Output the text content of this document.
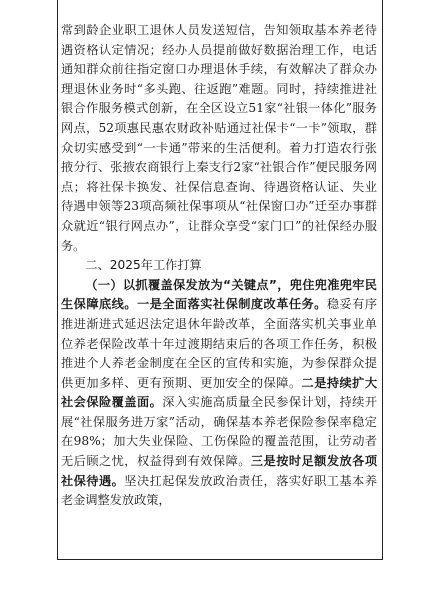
常到龄企业职工退休人员发送短信，告知领取基本养老待遇资格认定情况；经办人员提前做好数据治理工作，电话通知群众前往指定窗口办理退休手续，有效解决了群众办理退休业务时“多头跑、往返跑”难题。同时，持续推进社银合作服务模式创新，在全区设立51家“社银一体化”服务网点，52项惠民惠农财政补贴通过社保卡“一卡”领取，群众切实感受到“一卡通”带来的生活便利。着力打造农行张掖分行、张掖农商银行上秦支行2家“社银合作”便民服务网点；将社保卡换发、社保信息查询、待遇资格认证、失业待遇申领等23项高频社保事项从“社保窗口办”迁至办事群众就近“银行网点办”，让群众享受“家门口”的社保经办服务。

二、2025年工作打算

（一）以抓覆盖保发放为“关键点”，兜住兜准兜牢民生保障底线。一是全面落实社保制度改革任务。稳妥有序推进渐进式延迟法定退休年龄改革，全面落实机关事业单位养老保险改革十年过渡期结束后的各项工作任务，积极推进个人养老金制度在全区的宣传和实施，为参保群众提供更加多样、更有预期、更加安全的保障。二是持续扩大社会保险覆盖面。深入实施高质量全民参保计划，持续开展“社保服务进万家”活动，确保基本养老保险参保率稳定在98%；加大失业保险、工伤保险的覆盖范围，让劳动者无后顾之忧，权益得到有效保障。三是按时足额发放各项社保待遇。坚决扛起保发放政治责任，落实好职工基本养老金调整发放政策，
